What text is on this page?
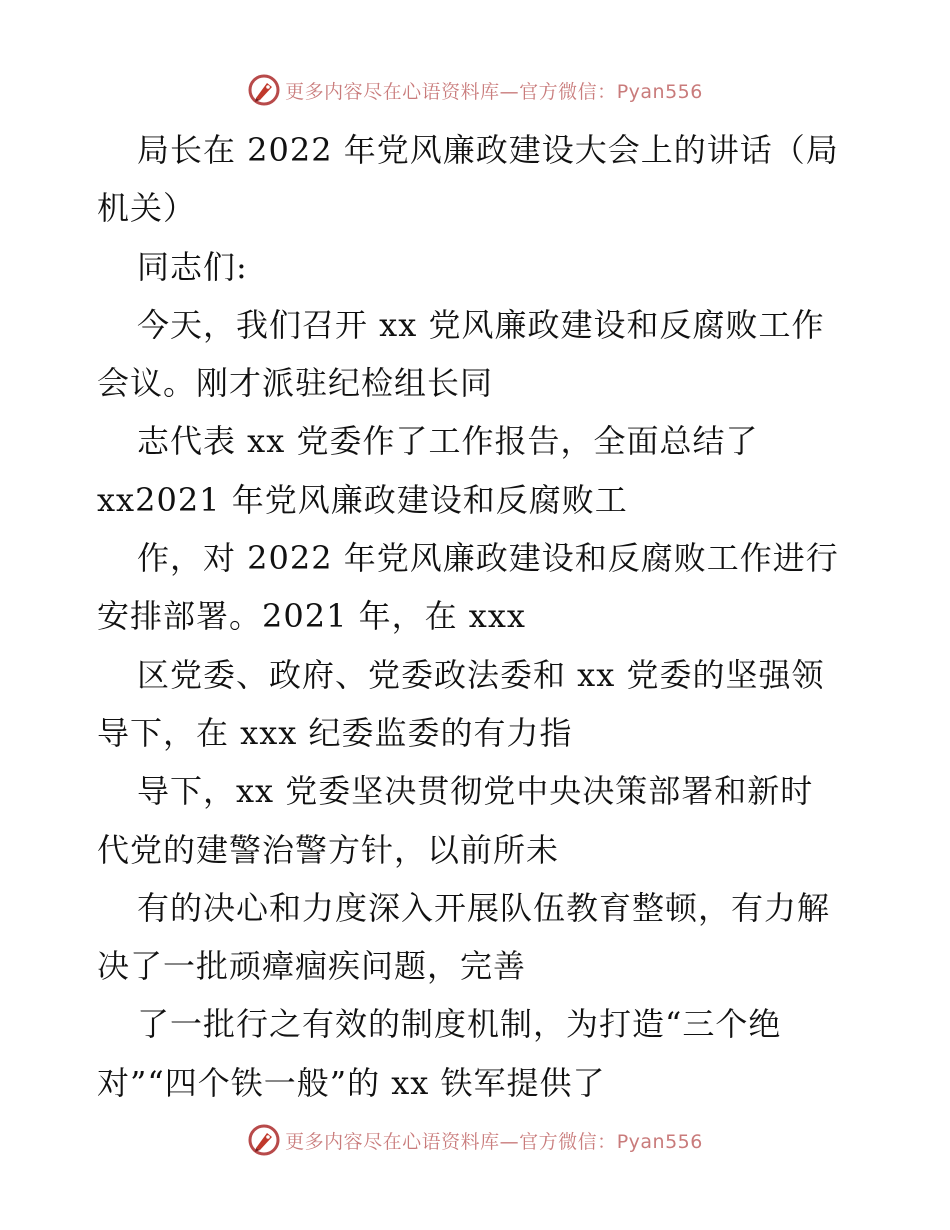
更多内容尽在心语资料库—官方微信：Pyan556
局长在 2022 年党风廉政建设大会上的讲话（局
机关）
同志们:
今天，我们召开 xx 党风廉政建设和反腐败工作
会议。刚才派驻纪检组长同
志代表 xx 党委作了工作报告，全面总结了
xx2021 年党风廉政建设和反腐败工
作，对 2022 年党风廉政建设和反腐败工作进行
安排部署。2021 年，在 xxx
区党委、政府、党委政法委和 xx 党委的坚强领
导下，在 xxx 纪委监委的有力指
导下，xx 党委坚决贯彻党中央决策部署和新时
代党的建警治警方针，以前所未
有的决心和力度深入开展队伍教育整顿，有力解
决了一批顽瘴痼疾问题，完善
了一批行之有效的制度机制，为打造“三个绝
对”“四个铁一般”的 xx 铁军提供了
更多内容尽在心语资料库—官方微信：Pyan556
